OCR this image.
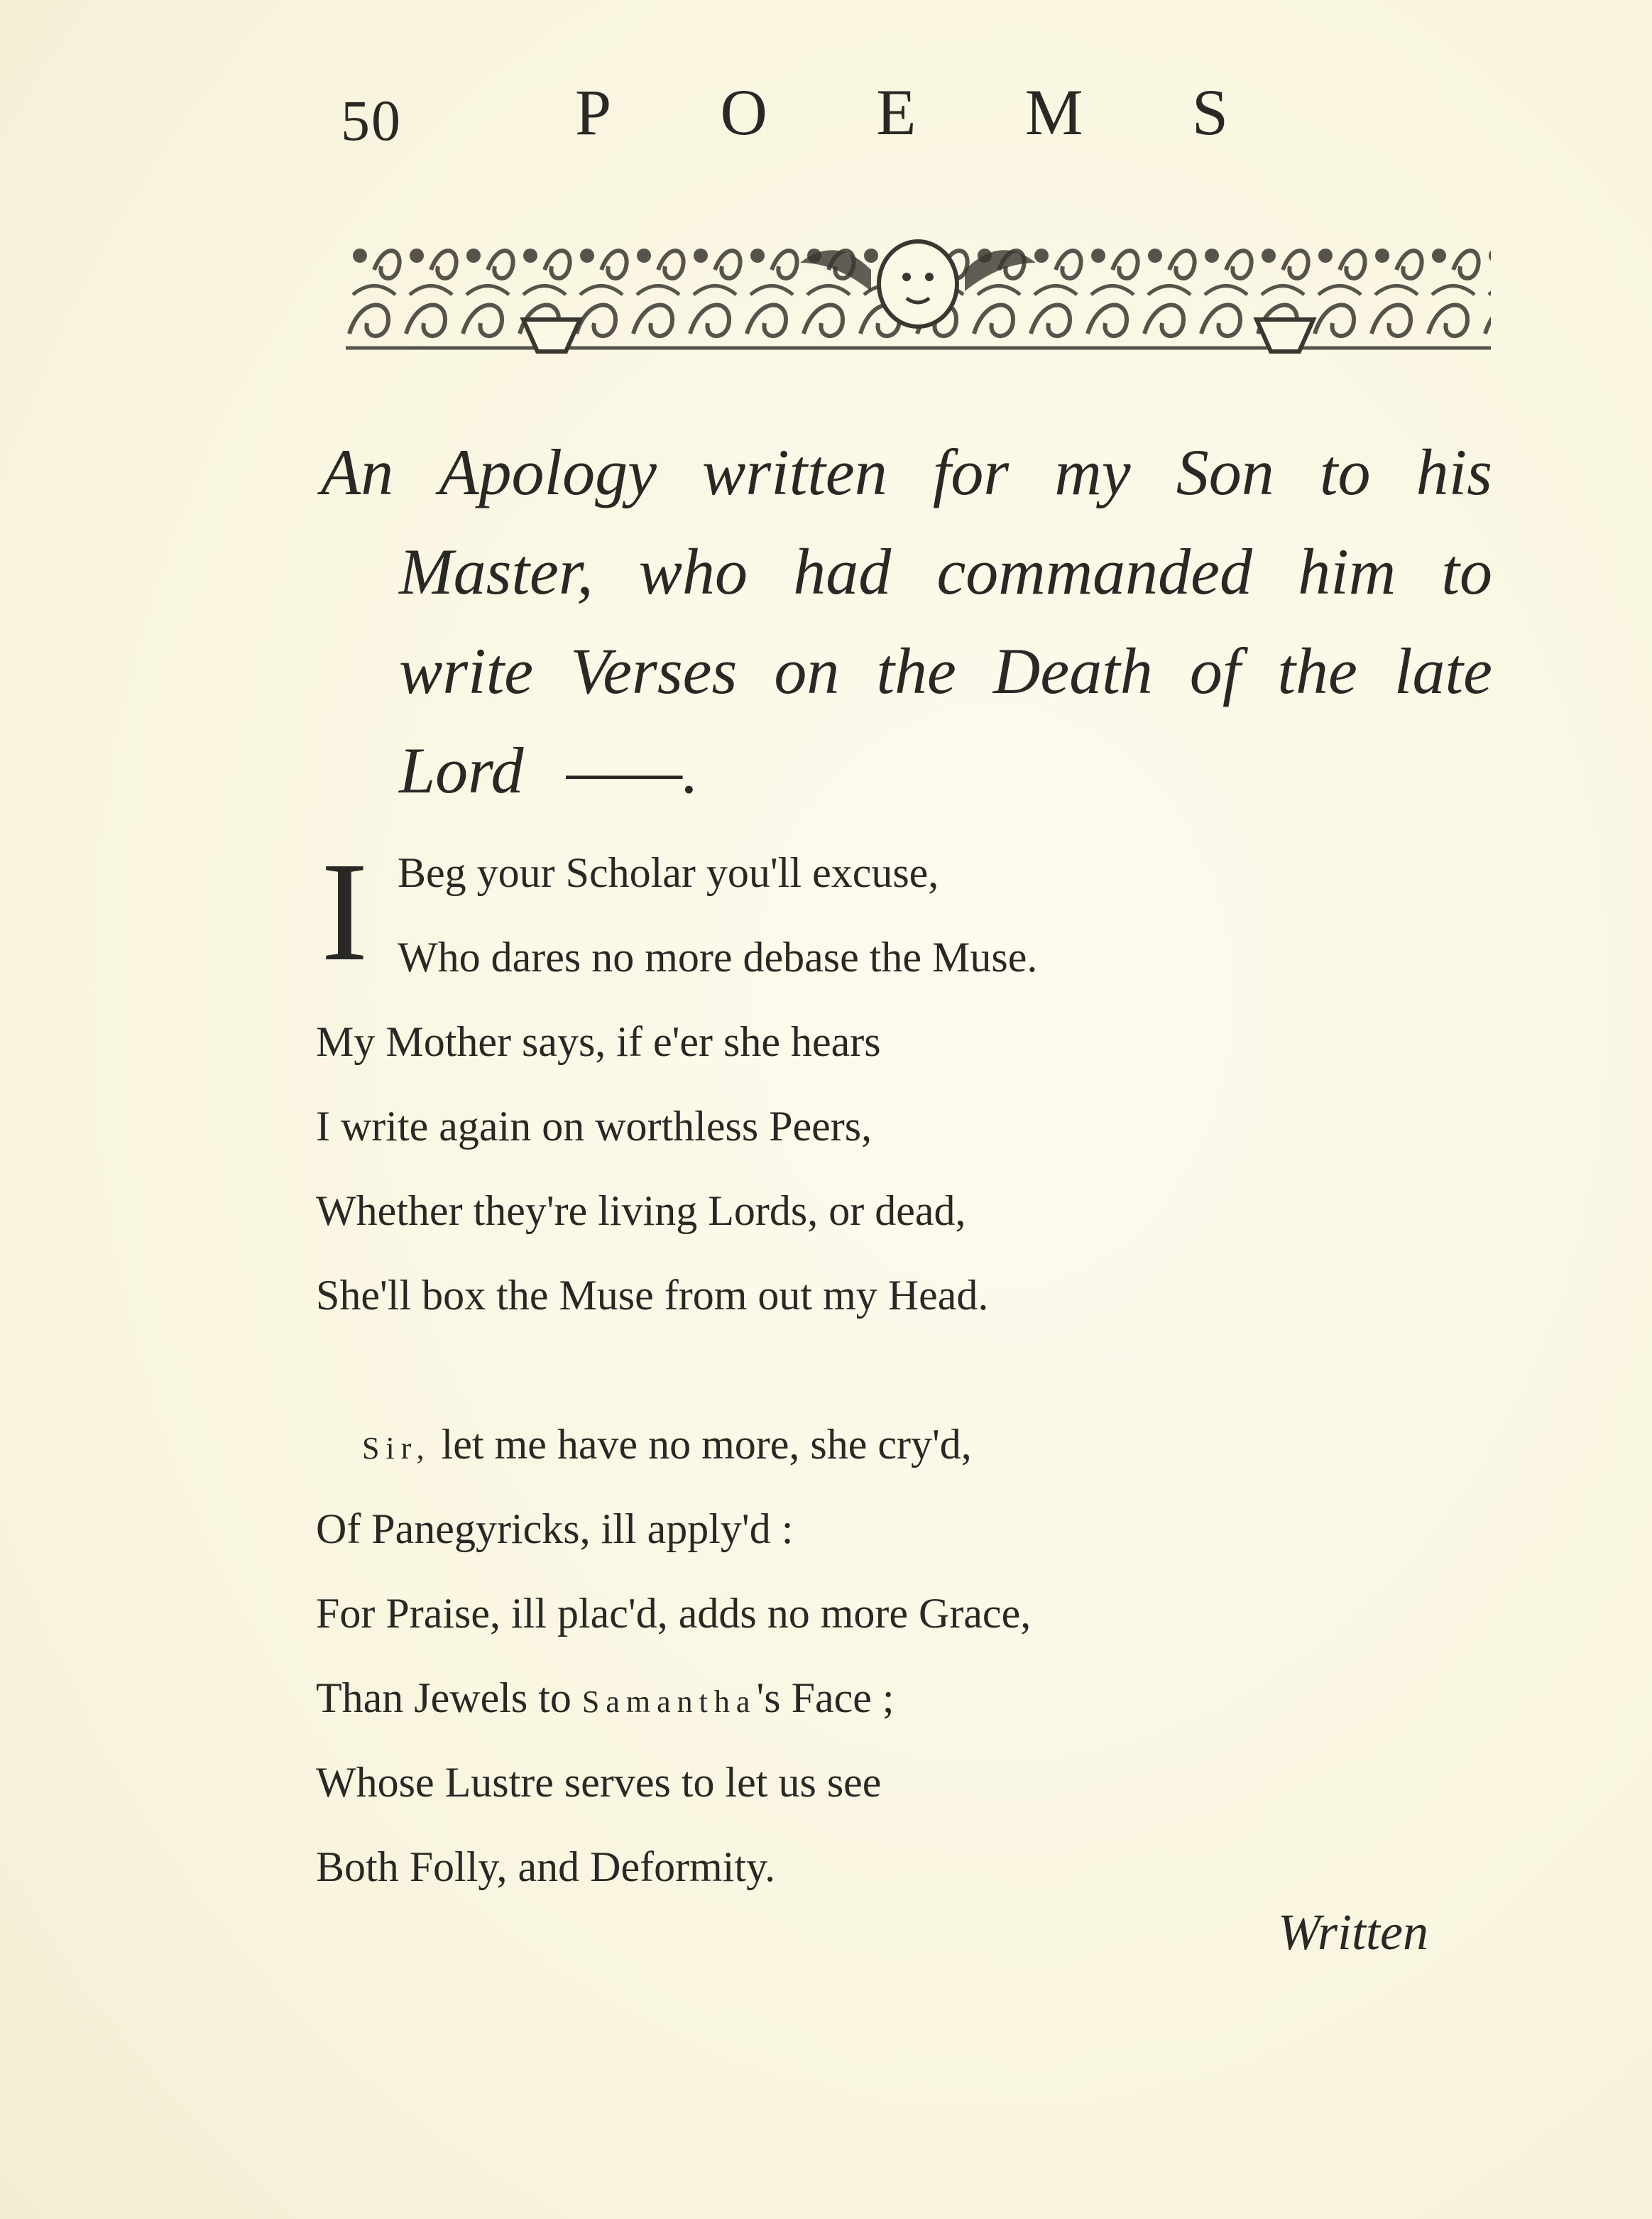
50	P O E M S
An Apology written for my Son to his
Master, who had commanded him to
write Verses on the Death of the late
Lord ——.
I Beg your Scholar you'll excuse,
Who dares no more debase the Muse.
My Mother says, if e'er she hears
I write again on worthless Peers,
Whether they're living Lords, or dead,
She'll box the Muse from out my Head.
Sir, let me have no more, she cry'd,
Of Panegyricks, ill apply'd :
For Praise, ill plac'd, adds no more Grace,
Than Jewels to Samantha's Face ;
Whose Lustre serves to let us see
Both Folly, and Deformity.
Written
